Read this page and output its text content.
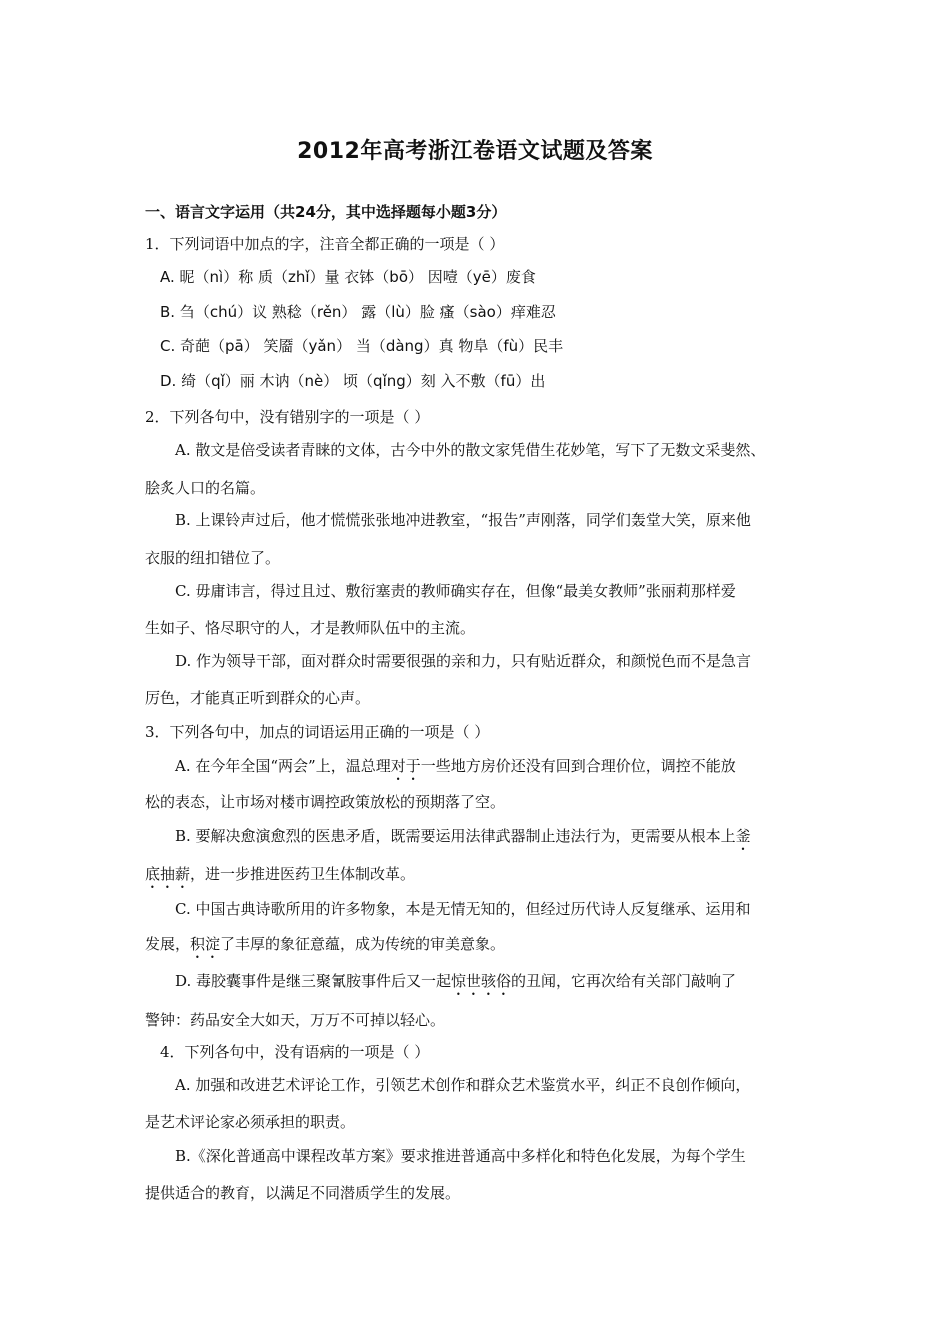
2012年高考浙江卷语文试题及答案
一、语言文字运用（共24分，其中选择题每小题3分）
1．下列词语中加点的字，注音全都正确的一项是（ ）
A. 昵（nì）称 质（zhǐ）量 衣钵（bō） 因噎（yē）废食
B. 刍（chú）议 熟稔（rěn） 露（lù）脸 瘙（sào）痒难忍
C. 奇葩（pā） 笑靥（yǎn） 当（dàng）真 物阜（fù）民丰
D. 绮（qǐ）丽 木讷（nè） 顷（qǐng）刻 入不敷（fū）出
2．下列各句中，没有错别字的一项是（ ）
A. 散文是倍受读者青睐的文体，古今中外的散文家凭借生花妙笔，写下了无数文采斐然、
脍炙人口的名篇。
B. 上课铃声过后，他才慌慌张张地冲进教室，“报告”声刚落，同学们轰堂大笑，原来他
衣服的纽扣错位了。
C. 毋庸讳言，得过且过、敷衍塞责的教师确实存在，但像“最美女教师”张丽莉那样爱
生如子、恪尽职守的人，才是教师队伍中的主流。
D. 作为领导干部，面对群众时需要很强的亲和力，只有贴近群众，和颜悦色而不是急言
厉色，才能真正听到群众的心声。
3．下列各句中，加点的词语运用正确的一项是（ ）
A. 在今年全国“两会”上，温总理对于一些地方房价还没有回到合理价位，调控不能放
松的表态，让市场对楼市调控政策放松的预期落了空。
B. 要解决愈演愈烈的医患矛盾，既需要运用法律武器制止违法行为，更需要从根本上釜
底抽薪，进一步推进医药卫生体制改革。
C. 中国古典诗歌所用的许多物象，本是无情无知的，但经过历代诗人反复继承、运用和
发展，积淀了丰厚的象征意蕴，成为传统的审美意象。
D. 毒胶囊事件是继三聚氰胺事件后又一起惊世骇俗的丑闻，它再次给有关部门敲响了
警钟：药品安全大如天，万万不可掉以轻心。
4．下列各句中，没有语病的一项是（ ）
A. 加强和改进艺术评论工作，引领艺术创作和群众艺术鉴赏水平，纠正不良创作倾向，
是艺术评论家必须承担的职责。
B.《深化普通高中课程改革方案》要求推进普通高中多样化和特色化发展，为每个学生
提供适合的教育，以满足不同潜质学生的发展。
